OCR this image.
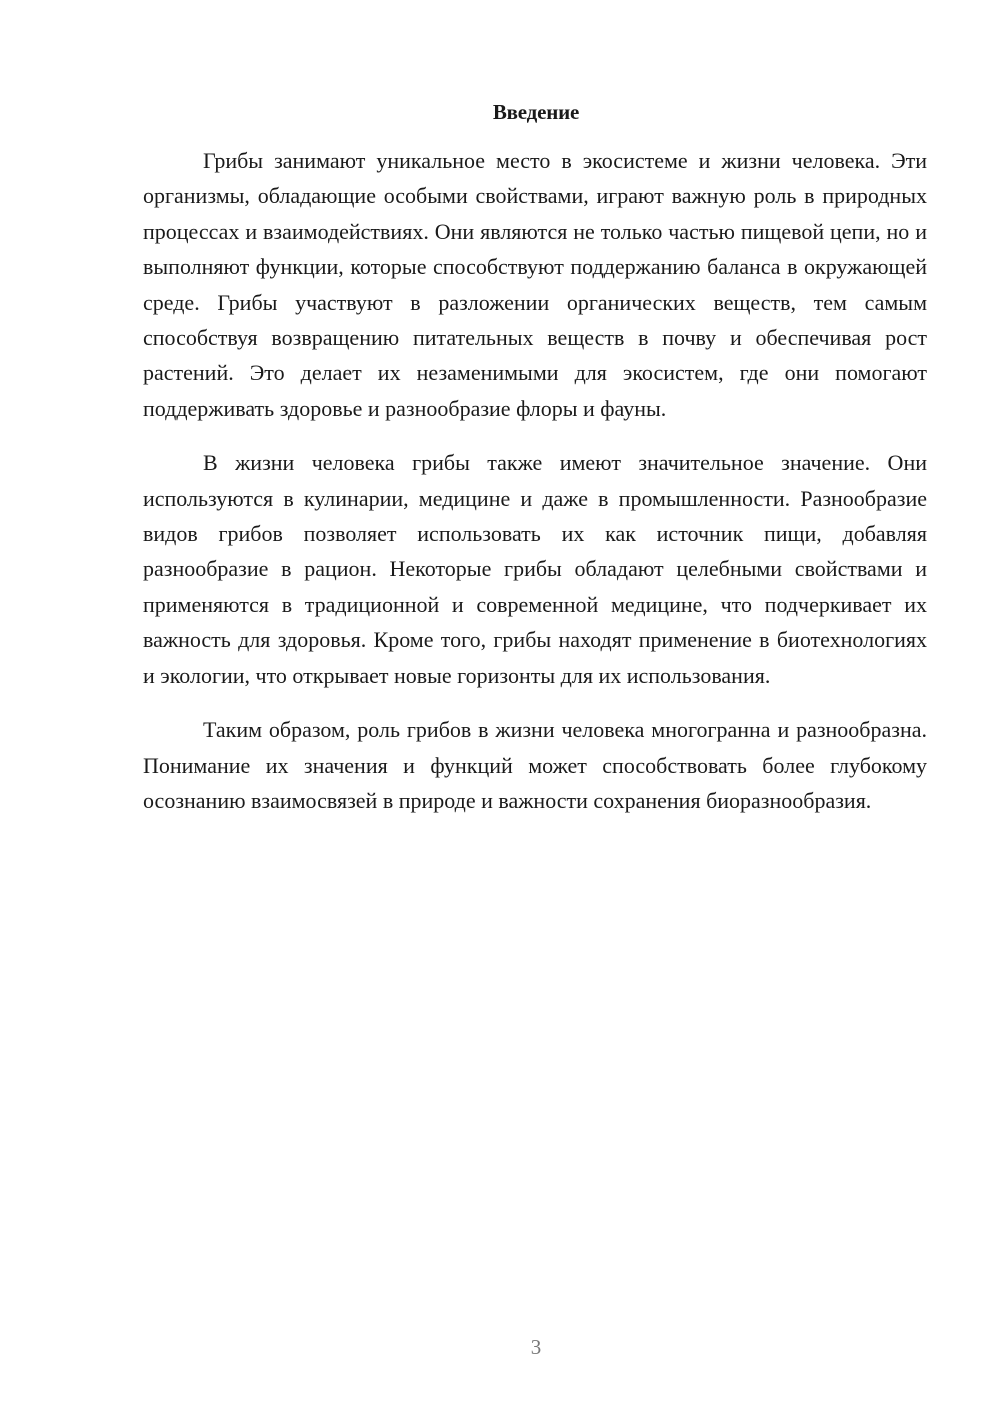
Введение

Грибы занимают уникальное место в экосистеме и жизни человека. Эти организмы, обладающие особыми свойствами, играют важную роль в природных процессах и взаимодействиях. Они являются не только частью пищевой цепи, но и выполняют функции, которые способствуют поддержанию баланса в окружающей среде. Грибы участвуют в разложении органических веществ, тем самым способствуя возвращению питательных веществ в почву и обеспечивая рост растений. Это делает их незаменимыми для экосистем, где они помогают поддерживать здоровье и разнообразие флоры и фауны.

В жизни человека грибы также имеют значительное значение. Они используются в кулинарии, медицине и даже в промышленности. Разнообразие видов грибов позволяет использовать их как источник пищи, добавляя разнообразие в рацион. Некоторые грибы обладают целебными свойствами и применяются в традиционной и современной медицине, что подчеркивает их важность для здоровья. Кроме того, грибы находят применение в биотехнологиях и экологии, что открывает новые горизонты для их использования.

Таким образом, роль грибов в жизни человека многогранна и разнообразна. Понимание их значения и функций может способствовать более глубокому осознанию взаимосвязей в природе и важности сохранения биоразнообразия.

3
